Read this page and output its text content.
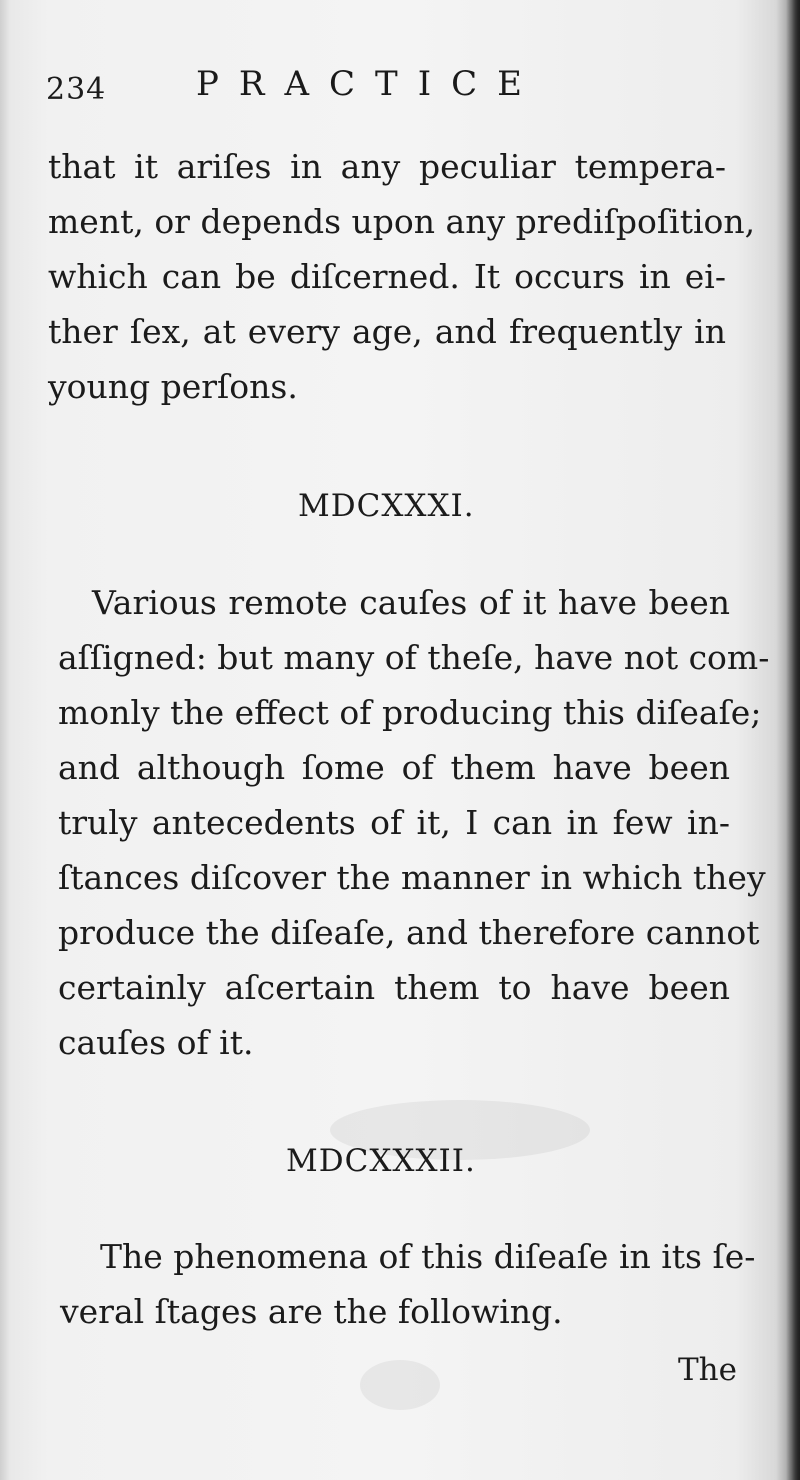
234	PRACTICE
that it ariſes in any peculiar tempera-
ment, or depends upon any prediſpoſition,
which can be diſcerned. It occurs in ei-
ther ſex, at every age, and frequently in
young perſons.
MDCXXXI.
Various remote cauſes of it have been
aſſigned: but many of theſe, have not com-
monly the effect of producing this diſeaſe;
and although ſome of them have been
truly antecedents of it, I can in few in-
ſtances diſcover the manner in which they
produce the diſeaſe, and therefore cannot
certainly aſcertain them to have been
cauſes of it.
MDCXXXII.
The phenomena of this diſeaſe in its ſe-
veral ſtages are the following.
The
